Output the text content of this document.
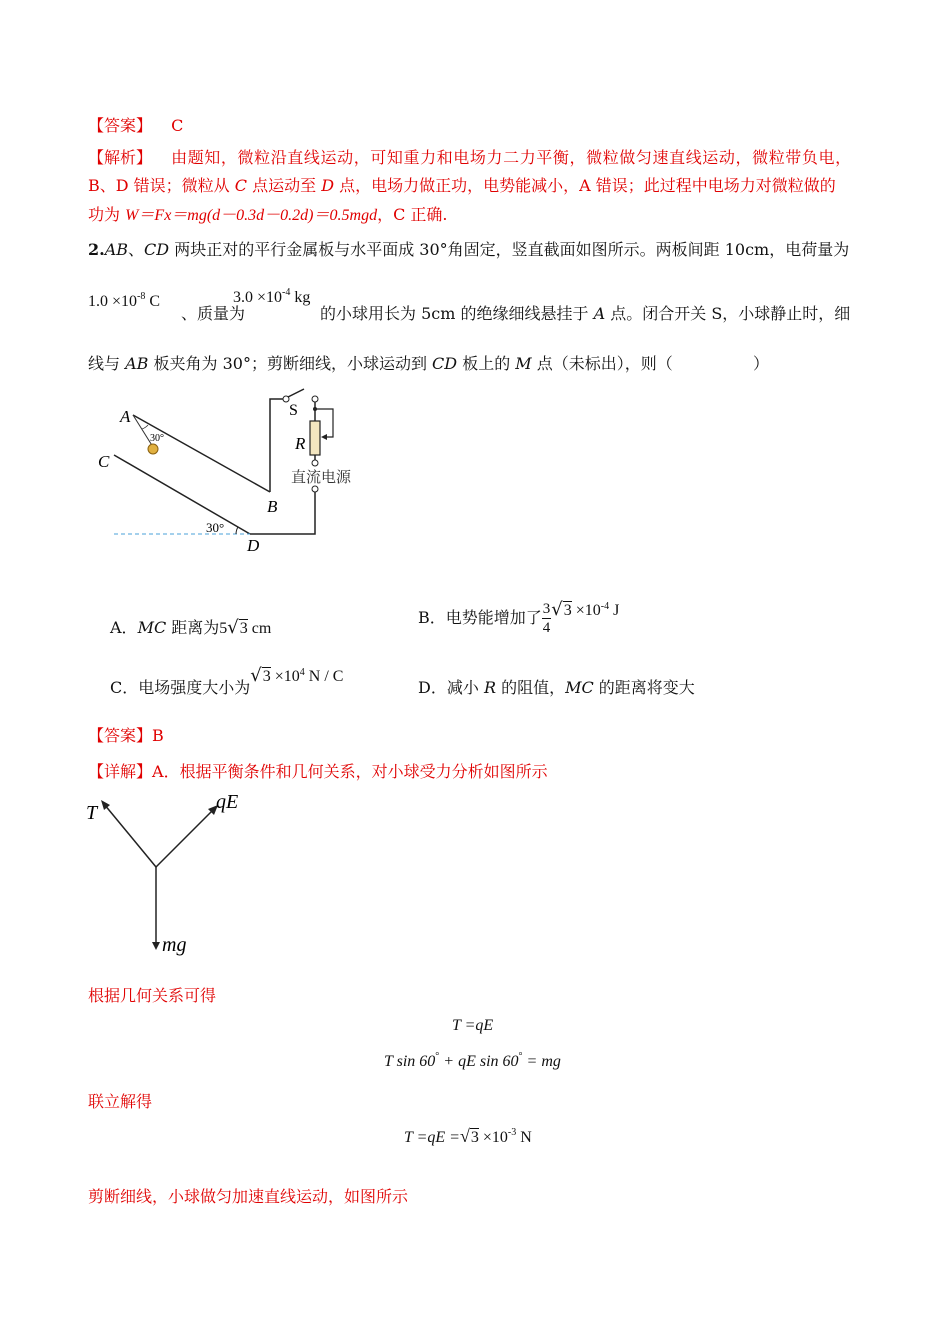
【答案】 C
【解析】 由题知，微粒沿直线运动，可知重力和电场力二力平衡，微粒做匀速直线运动，微粒带负电，
B、D 错误；微粒从 C 点运动至 D 点，电场力做正功，电势能减小，A 错误；此过程中电场力对微粒做的
功为 W＝Fx＝mg(d－0.3d－0.2d)＝0.5mgd，C 正确.
2.AB、CD 两块正对的平行金属板与水平面成 30°角固定，竖直截面如图所示。两板间距 10cm，电荷量为
$1.0 \times 10^{-8}$ C
、质量为
$3.0 \times 10^{-4}$ kg
的小球用长为 5cm 的绝缘细线悬挂于 A 点。闭合开关 S，小球静止时，细
线与 AB 板夹角为 30°；剪断细线，小球运动到 CD 板上的 M 点（未标出），则（	）
A
30°
C
B
D
30°
S
R
直流电源
A．MC 距离为5√3 cm
B．电势能增加了 $\frac{3}{4} √3 \times 10^{-4}$ J
C．电场强度大小为$√3 \times 10^4$ N / C
D．减小 R 的阻值，MC 的距离将变大
【答案】B
【详解】A．根据平衡条件和几何关系，对小球受力分析如图所示
T	qE
mg
根据几何关系可得
T =qE
T sin 60° + qE sin 60° = mg
联立解得
$T =qE =√3 \times 10^{-3}$ N
剪断细线，小球做匀加速直线运动，如图所示
